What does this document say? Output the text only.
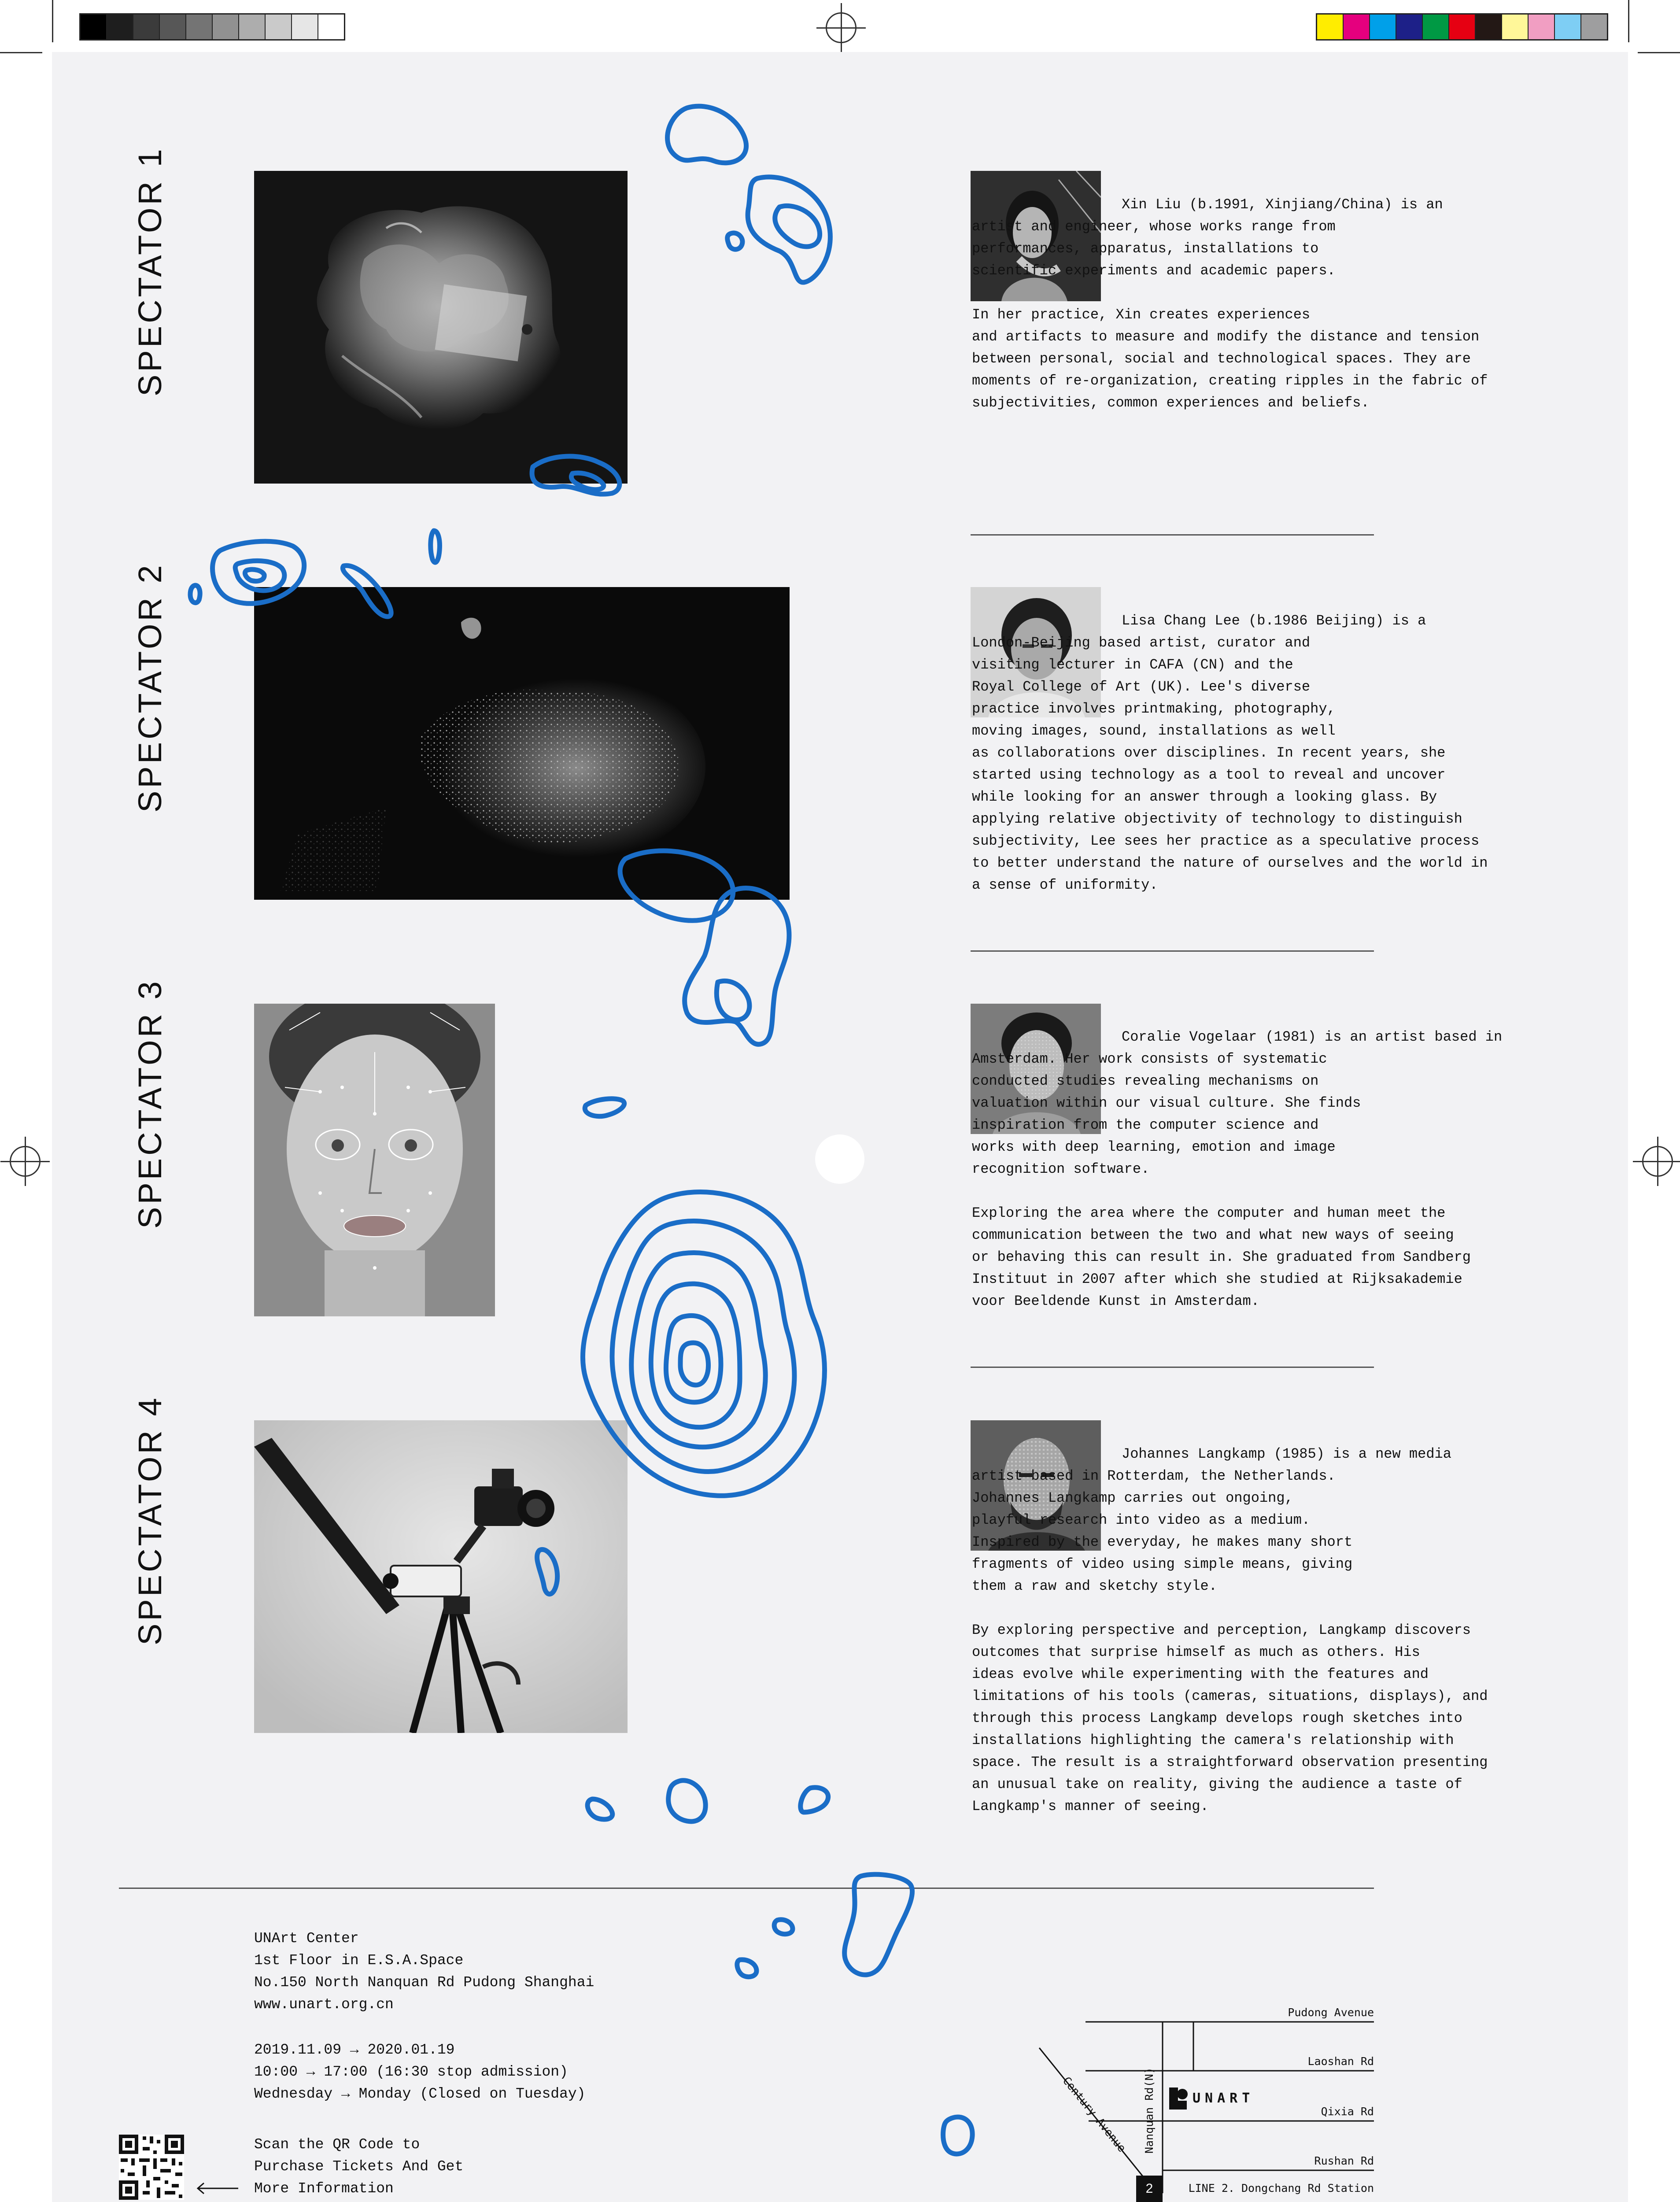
SPECTATOR 1
SPECTATOR 2
SPECTATOR 3
SPECTATOR 4
Xin Liu (b.1991, Xinjiang/China) is an
artist and engineer, whose works range from
performances, apparatus, installations to
scientific experiments and academic papers.

In her practice, Xin creates experiences
and artifacts to measure and modify the distance and tension
between personal, social and technological spaces. They are
moments of re-organization, creating ripples in the fabric of
subjectivities, common experiences and beliefs.
Lisa Chang Lee (b.1986 Beijing) is a
London-Beijing based artist, curator and
visiting lecturer in CAFA (CN) and the
Royal College of Art (UK). Lee's diverse
practice involves printmaking, photography,
moving images, sound, installations as well
as collaborations over disciplines. In recent years, she
started using technology as a tool to reveal and uncover
while looking for an answer through a looking glass. By
applying relative objectivity of technology to distinguish
subjectivity, Lee sees her practice as a speculative process
to better understand the nature of ourselves and the world in
a sense of uniformity.
Coralie Vogelaar (1981) is an artist based in
Amsterdam. Her work consists of systematic
conducted studies revealing mechanisms on
valuation within our visual culture. She finds
inspiration from the computer science and
works with deep learning, emotion and image
recognition software.

Exploring the area where the computer and human meet the
communication between the two and what new ways of seeing
or behaving this can result in. She graduated from Sandberg
Instituut in 2007 after which she studied at Rijksakademie
voor Beeldende Kunst in Amsterdam.
Johannes Langkamp (1985) is a new media
artist based in Rotterdam, the Netherlands.
Johannes Langkamp carries out ongoing,
playful research into video as a medium.
Inspired by the everyday, he makes many short
fragments of video using simple means, giving
them a raw and sketchy style.

By exploring perspective and perception, Langkamp discovers
outcomes that surprise himself as much as others. His
ideas evolve while experimenting with the features and
limitations of his tools (cameras, situations, displays), and
through this process Langkamp develops rough sketches into
installations highlighting the camera's relationship with
space. The result is a straightforward observation presenting
an unusual take on reality, giving the audience a taste of
Langkamp's manner of seeing.
UNArt Center
1st Floor in E.S.A.Space
No.150 North Nanquan Rd Pudong Shanghai
www.unart.org.cn
2019.11.09 → 2020.01.19
10:00 → 17:00 (16:30 stop admission)
Wednesday → Monday (Closed on Tuesday)
Scan the QR Code to
Purchase Tickets And Get
More Information
Pudong Avenue
Laoshan Rd
Qixia Rd
Rushan Rd
Nanquan Rd(N)
Century Avenue	UNART
2	LINE 2. Dongchang Rd Station
